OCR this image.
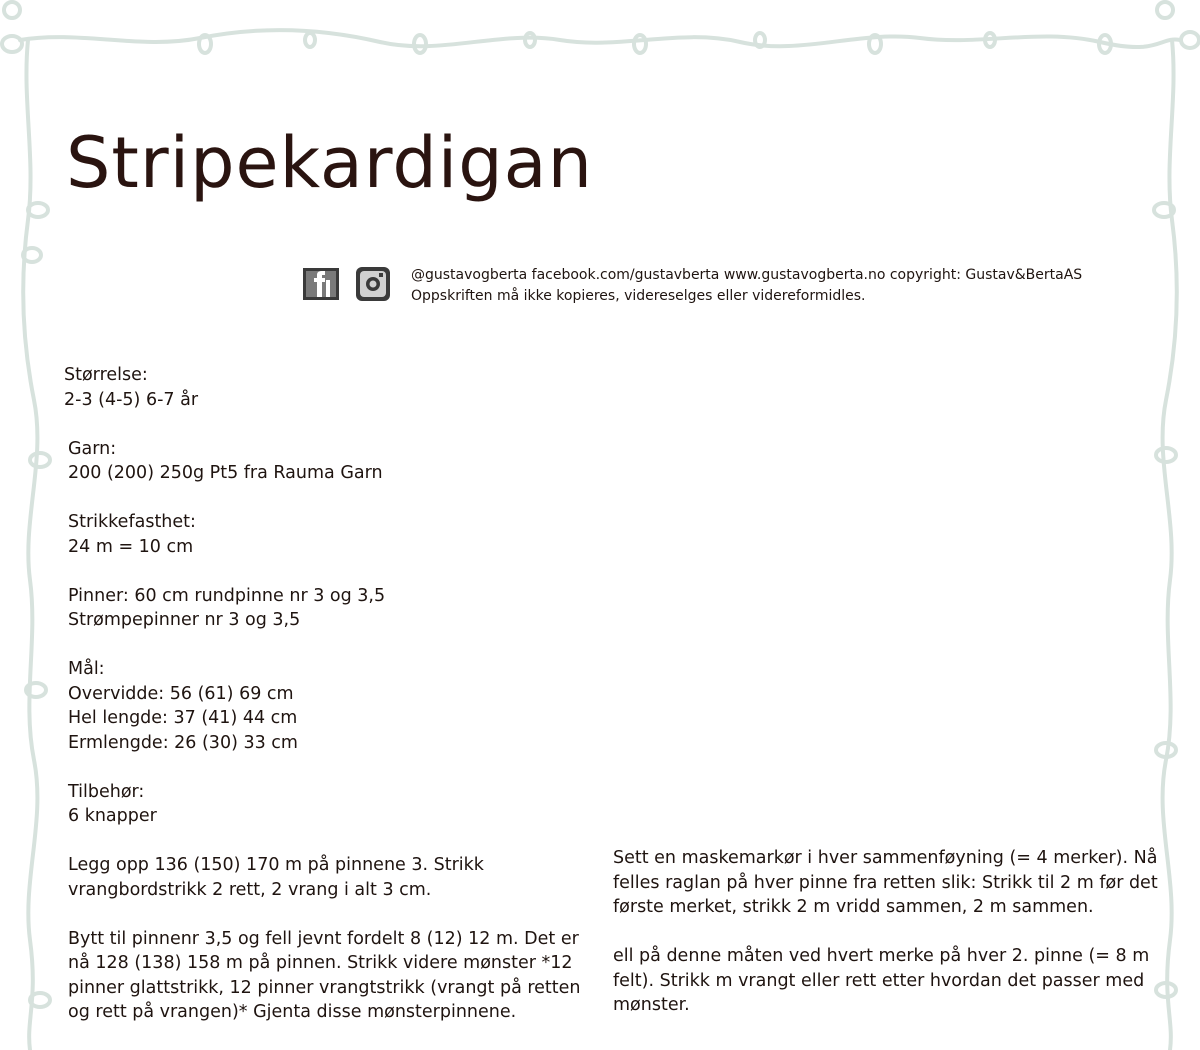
Stripekardigan
@gustavogberta facebook.com/gustavberta www.gustavogberta.no copyright: Gustav&BertaAS
Oppskriften må ikke kopieres, videreselges eller videreformidles.
Størrelse:
2-3 (4-5) 6-7 år
Garn:
200 (200) 250g Pt5 fra Rauma Garn
Strikkefasthet:
24 m = 10 cm
Pinner: 60 cm rundpinne nr 3 og 3,5
Strømpepinner nr 3 og 3,5
Mål:
Overvidde: 56 (61) 69 cm
Hel lengde: 37 (41) 44 cm
Ermlengde: 26 (30) 33 cm
Tilbehør:
6 knapper

Legg opp 136 (150) 170 m på pinnene 3. Strikk vrangbordstrikk 2 rett, 2 vrang i alt 3 cm.

Bytt til pinnenr 3,5 og fell jevnt fordelt 8 (12) 12 m. Det er nå 128 (138) 158 m på pinnen. Strikk videre mønster *12 pinner glattstrikk, 12 pinner vrangtstrikk (vrangt på retten og rett på vrangen)* Gjenta disse mønsterpinnene.

Sett en maskemarkør i hver sammenføyning (= 4 merker). Nå felles raglan på hver pinne fra retten slik: Strikk til 2 m før det første merket, strikk 2 m vridd sammen, 2 m sammen.

ell på denne måten ved hvert merke på hver 2. pinne (= 8 m felt). Strikk m vrangt eller rett etter hvordan det passer med mønster.
